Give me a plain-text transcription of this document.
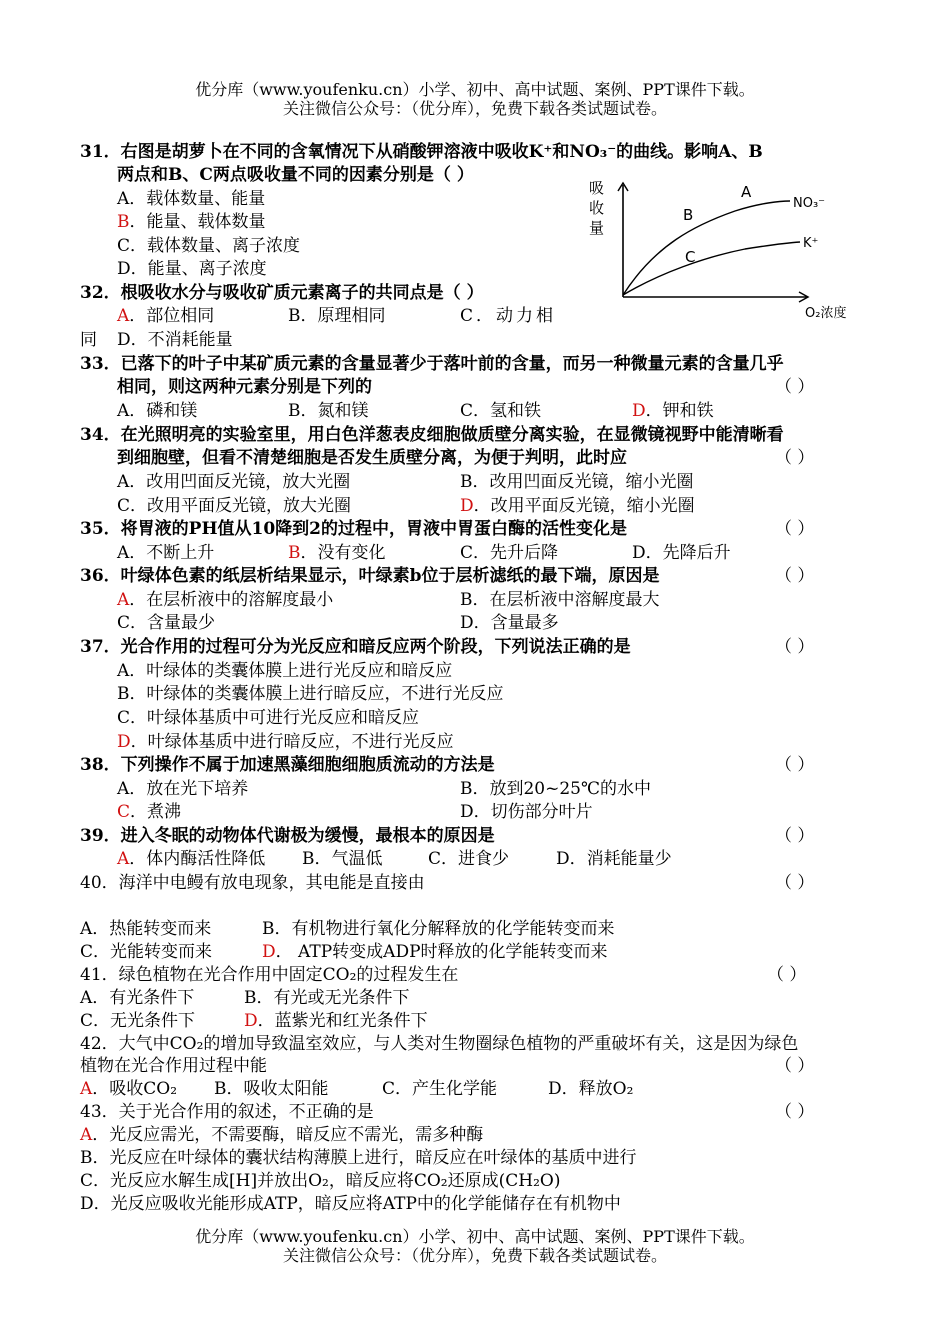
优分库（www.youfenku.cn）小学、初中、高中试题、案例、PPT课件下载。
关注微信公众号：（优分库），免费下载各类试题试卷。
吸
收
量
A
B
C
NO₃⁻
K⁺
O₂浓度
31．右图是胡萝卜在不同的含氧情况下从硝酸钾溶液中吸收K⁺和NO₃⁻的曲线。影响A、B
两点和B、C两点吸收量不同的因素分别是（ ）
A．载体数量、能量
B．能量、载体数量
C．载体数量、离子浓度
D．能量、离子浓度
32．根吸收水分与吸收矿质元素离子的共同点是（ ）
A．部位相同	B．原理相同	C．动力相
同 D．不消耗能量
33．已落下的叶子中某矿质元素的含量显著少于落叶前的含量，而另一种微量元素的含量几乎
相同，则这两种元素分别是下列的	（ ）
A．磷和镁	B．氮和镁	C．氢和铁	D．钾和铁
34．在光照明亮的实验室里，用白色洋葱表皮细胞做质壁分离实验，在显微镜视野中能清晰看
到细胞壁，但看不清楚细胞是否发生质壁分离，为便于判明，此时应	（ ）
A．改用凹面反光镜，放大光圈	B．改用凹面反光镜，缩小光圈
C．改用平面反光镜，放大光圈	D．改用平面反光镜，缩小光圈
35．将胃液的PH值从10降到2的过程中，胃液中胃蛋白酶的活性变化是	（ ）
A．不断上升	B．没有变化	C．先升后降	D．先降后升
36．叶绿体色素的纸层析结果显示，叶绿素b位于层析滤纸的最下端，原因是	（ ）
A．在层析液中的溶解度最小	B．在层析液中溶解度最大
C．含量最少	D．含量最多
37．光合作用的过程可分为光反应和暗反应两个阶段，下列说法正确的是	（ ）
A．叶绿体的类囊体膜上进行光反应和暗反应
B．叶绿体的类囊体膜上进行暗反应，不进行光反应
C．叶绿体基质中可进行光反应和暗反应
D．叶绿体基质中进行暗反应，不进行光反应
38．下列操作不属于加速黑藻细胞细胞质流动的方法是	（ ）
A．放在光下培养	B．放到20~25℃的水中
C．煮沸	D．切伤部分叶片
39．进入冬眠的动物体代谢极为缓慢，最根本的原因是	（ ）
A．体内酶活性降低 B．气温低	C．进食少	D．消耗能量少
40．海洋中电鳗有放电现象，其电能是直接由	（ ）
A．热能转变而来	B．有机物进行氧化分解释放的化学能转变而来
C．光能转变而来	D． ATP转变成ADP时释放的化学能转变而来
41．绿色植物在光合作用中固定CO₂的过程发生在	（ ）
A．有光条件下	B．有光或无光条件下
C．无光条件下	D．蓝紫光和红光条件下
42．大气中CO₂的增加导致温室效应，与人类对生物圈绿色植物的严重破坏有关，这是因为绿色
植物在光合作用过程中能	（ ）
A．吸收CO₂ B．吸收太阳能	C．产生化学能	D．释放O₂
43．关于光合作用的叙述，不正确的是	（ ）
A．光反应需光，不需要酶，暗反应不需光，需多种酶
B．光反应在叶绿体的囊状结构薄膜上进行，暗反应在叶绿体的基质中进行
C．光反应水解生成[H]并放出O₂，暗反应将CO₂还原成(CH₂O)
D．光反应吸收光能形成ATP，暗反应将ATP中的化学能储存在有机物中
优分库（www.youfenku.cn）小学、初中、高中试题、案例、PPT课件下载。
关注微信公众号：（优分库），免费下载各类试题试卷。
